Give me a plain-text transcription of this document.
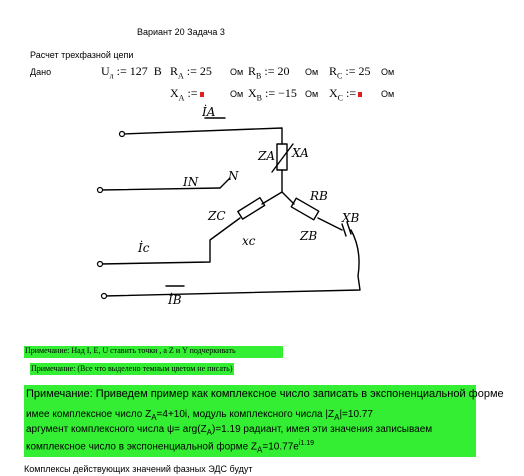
Вариант 20 Задача 3
Расчет трехфазной цепи
Дано	$U_л$ := 127 В $R_A$ := 25 Ом $R_B$ := 20 Ом $R_C$ := 25 Ом
$X_A$ :=	Ом $X_B$ := −15 Ом $X_C$ :=	Ом
İA
ZA XA
IN N
ZC
xc
İc
RB
ZB
XB
İB
Примечание: Над I, E, U ставить точки , а Z и Y подчеркивать
Примечание: (Все что выделено темным цветом не писать)
Примечание: Приведем пример как комплексное число записать в экспоненциальной форме
имее комплексное число $Z_A=4+10i$, модуль комплексного числа $|Z_A|=10.77$
аргумент комплексного числа $\psi= arg(Z_A)=1.19$ радиант, имея эти значения записываем
комплексное число в экспоненциальной форме $Z_A=10.77e^{i1.19}$
Комплексы действующих значений фазных ЭДС будут
